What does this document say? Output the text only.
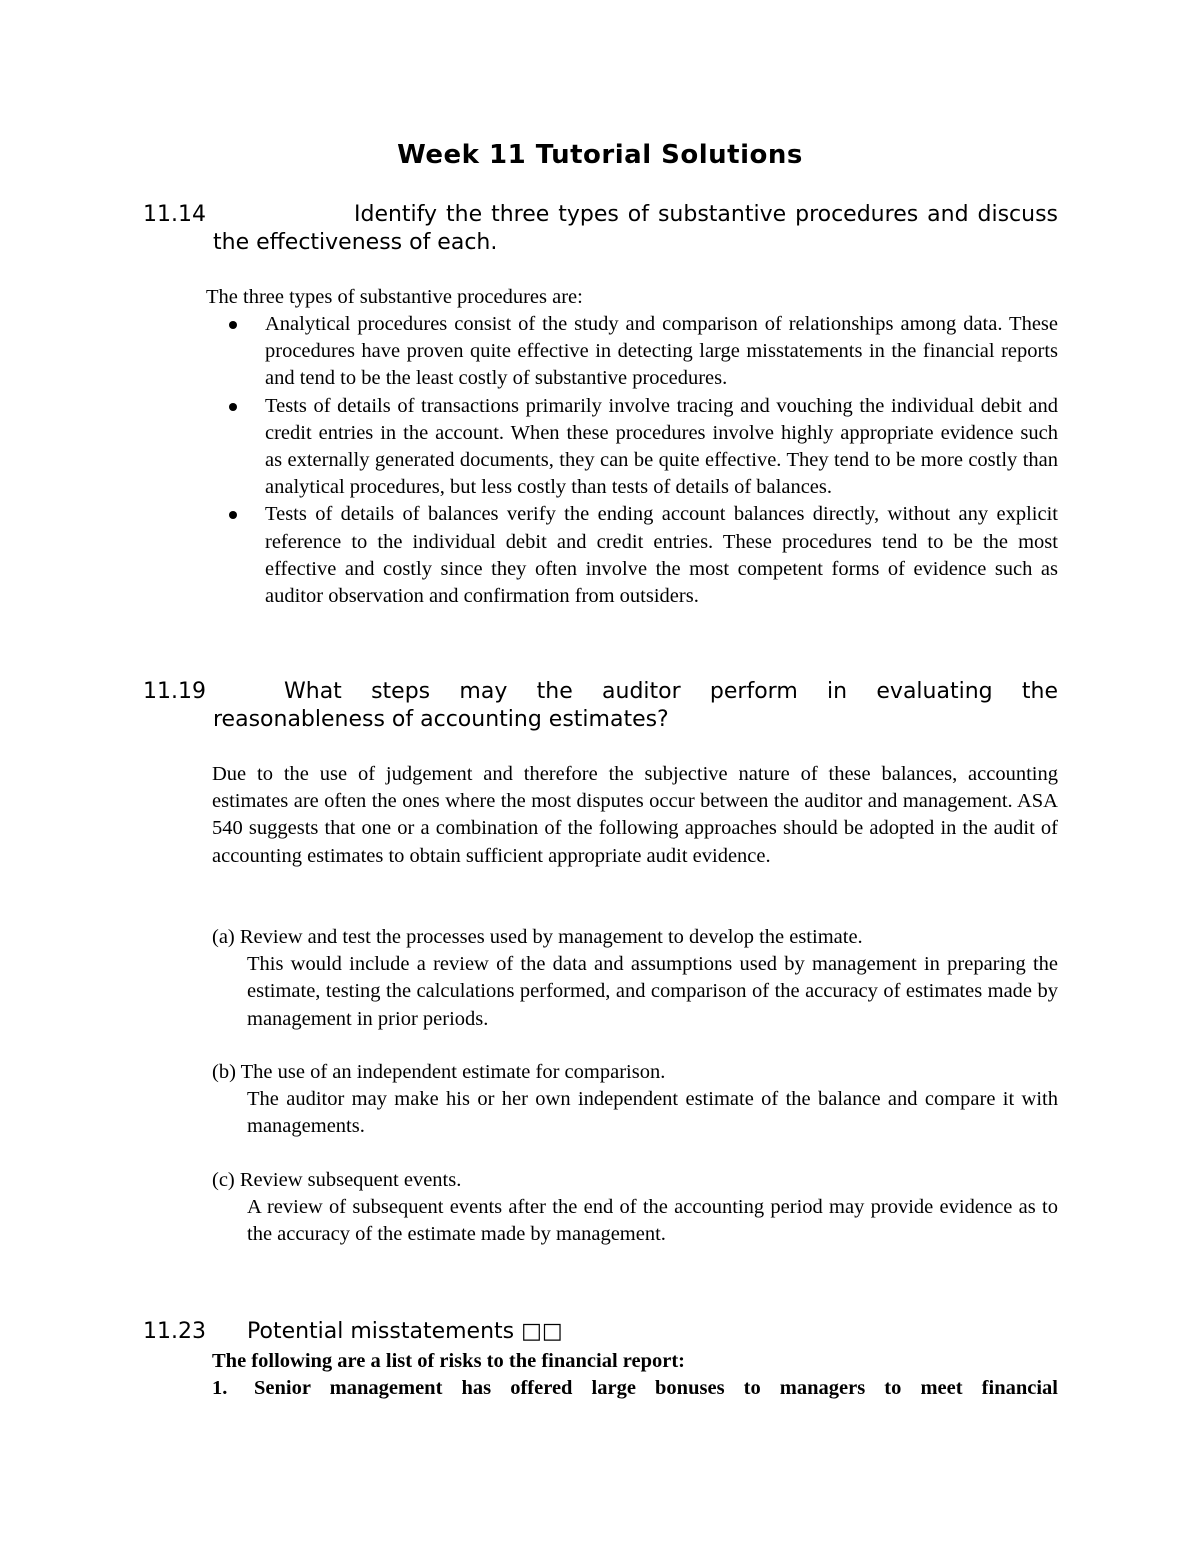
Week 11 Tutorial Solutions
11.14	Identify the three types of substantive procedures and discuss the effectiveness of each.
The three types of substantive procedures are:
Analytical procedures consist of the study and comparison of relationships among data. These procedures have proven quite effective in detecting large misstatements in the financial reports and tend to be the least costly of substantive procedures.
Tests of details of transactions primarily involve tracing and vouching the individual debit and credit entries in the account. When these procedures involve highly appropriate evidence such as externally generated documents, they can be quite effective. They tend to be more costly than analytical procedures, but less costly than tests of details of balances.
Tests of details of balances verify the ending account balances directly, without any explicit reference to the individual debit and credit entries. These procedures tend to be the most effective and costly since they often involve the most competent forms of evidence such as auditor observation and confirmation from outsiders.
11.19	What steps may the auditor perform in evaluating the reasonableness of accounting estimates?
Due to the use of judgement and therefore the subjective nature of these balances, accounting estimates are often the ones where the most disputes occur between the auditor and management. ASA 540 suggests that one or a combination of the following approaches should be adopted in the audit of accounting estimates to obtain sufficient appropriate audit evidence.
(a) Review and test the processes used by management to develop the estimate.
This would include a review of the data and assumptions used by management in preparing the estimate, testing the calculations performed, and comparison of the accuracy of estimates made by management in prior periods.
(b) The use of an independent estimate for comparison.
The auditor may make his or her own independent estimate of the balance and compare it with managements.
(c) Review subsequent events.
A review of subsequent events after the end of the accounting period may provide evidence as to the accuracy of the estimate made by management.
11.23	Potential misstatements □□
The following are a list of risks to the financial report:
1. Senior management has offered large bonuses to managers to meet financial
